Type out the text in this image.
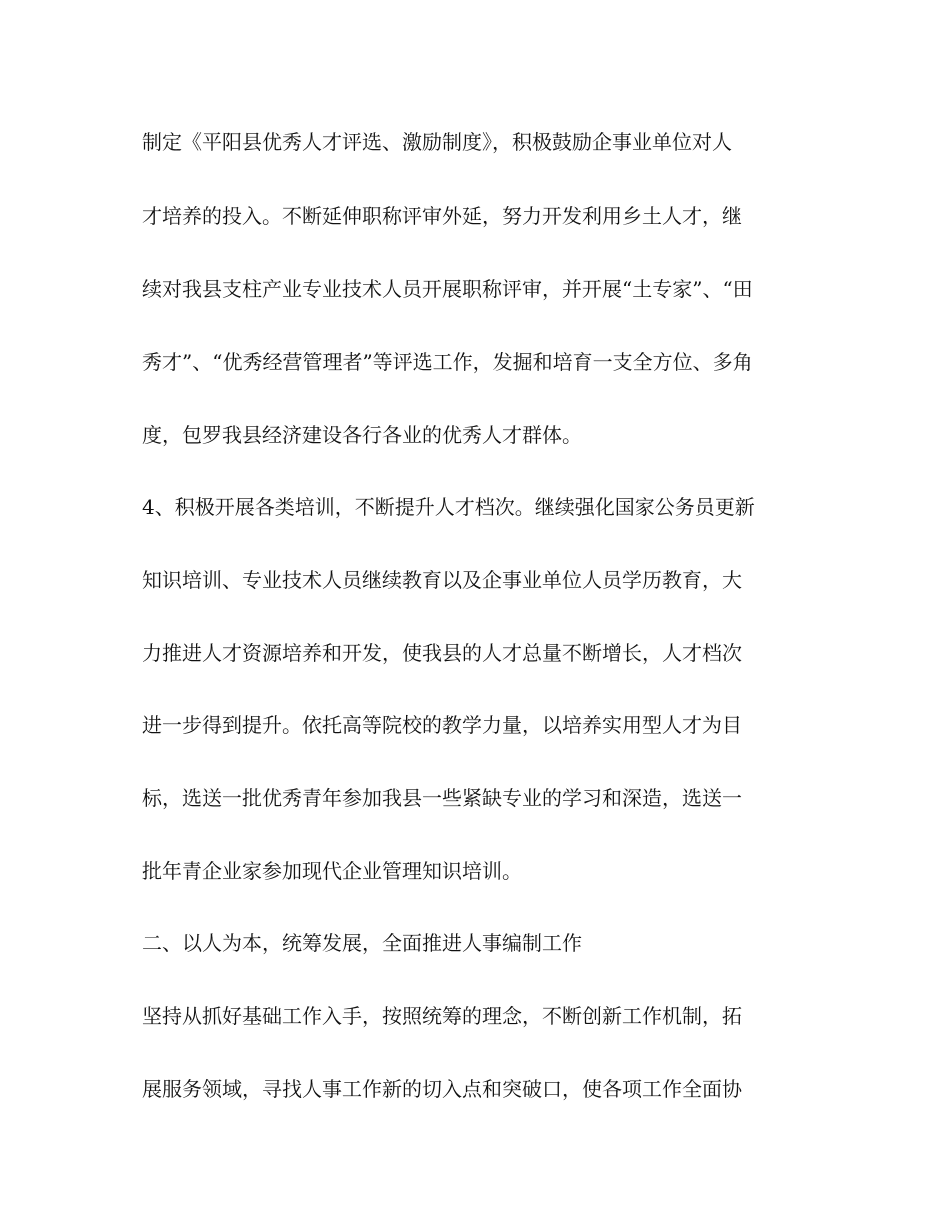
制定《平阳县优秀人才评选、激励制度》，积极鼓励企事业单位对人
才培养的投入。不断延伸职称评审外延，努力开发利用乡土人才，继
续对我县支柱产业专业技术人员开展职称评审，并开展“土专家”、“田
秀才”、“优秀经营管理者”等评选工作，发掘和培育一支全方位、多角
度，包罗我县经济建设各行各业的优秀人才群体。
4、积极开展各类培训，不断提升人才档次。继续强化国家公务员更新
知识培训、专业技术人员继续教育以及企事业单位人员学历教育，大
力推进人才资源培养和开发，使我县的人才总量不断增长，人才档次
进一步得到提升。依托高等院校的教学力量，以培养实用型人才为目
标，选送一批优秀青年参加我县一些紧缺专业的学习和深造，选送一
批年青企业家参加现代企业管理知识培训。
二、以人为本，统筹发展，全面推进人事编制工作
坚持从抓好基础工作入手，按照统筹的理念，不断创新工作机制，拓
展服务领域，寻找人事工作新的切入点和突破口，使各项工作全面协
